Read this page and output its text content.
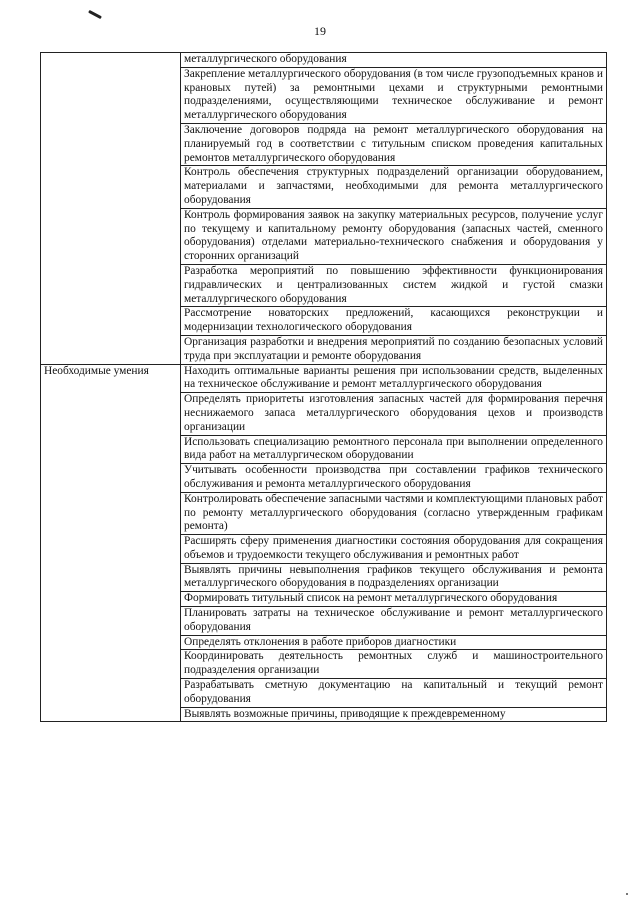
19
	металлургического оборудования
	Закрепление металлургического оборудования (в том числе грузоподъемных кранов и крановых путей) за ремонтными цехами и структурными ремонтными подразделениями, осуществляющими техническое обслуживание и ремонт металлургического оборудования
	Заключение договоров подряда на ремонт металлургического оборудования на планируемый год в соответствии с титульным списком проведения капитальных ремонтов металлургического оборудования
	Контроль обеспечения структурных подразделений организации оборудованием, материалами и запчастями, необходимыми для ремонта металлургического оборудования
	Контроль формирования заявок на закупку материальных ресурсов, получение услуг по текущему и капитальному ремонту оборудования (запасных частей, сменного оборудования) отделами материально-технического снабжения и оборудования у сторонних организаций
	Разработка мероприятий по повышению эффективности функционирования гидравлических и централизованных систем жидкой и густой смазки металлургического оборудования
	Рассмотрение новаторских предложений, касающихся реконструкции и модернизации технологического оборудования
	Организация разработки и внедрения мероприятий по созданию безопасных условий труда при эксплуатации и ремонте оборудования
Необходимые умения	Находить оптимальные варианты решения при использовании средств, выделенных на техническое обслуживание и ремонт металлургического оборудования
	Определять приоритеты изготовления запасных частей для формирования перечня неснижаемого запаса металлургического оборудования цехов и производств организации
	Использовать специализацию ремонтного персонала при выполнении определенного вида работ на металлургическом оборудовании
	Учитывать особенности производства при составлении графиков технического обслуживания и ремонта металлургического оборудования
	Контролировать обеспечение запасными частями и комплектующими плановых работ по ремонту металлургического оборудования (согласно утвержденным графикам ремонта)
	Расширять сферу применения диагностики состояния оборудования для сокращения объемов и трудоемкости текущего обслуживания и ремонтных работ
	Выявлять причины невыполнения графиков текущего обслуживания и ремонта металлургического оборудования в подразделениях организации
	Формировать титульный список на ремонт металлургического оборудования
	Планировать затраты на техническое обслуживание и ремонт металлургического оборудования
	Определять отклонения в работе приборов диагностики
	Координировать деятельность ремонтных служб и машиностроительного подразделения организации
	Разрабатывать сметную документацию на капитальный и текущий ремонт оборудования
	Выявлять возможные причины, приводящие к преждевременному
